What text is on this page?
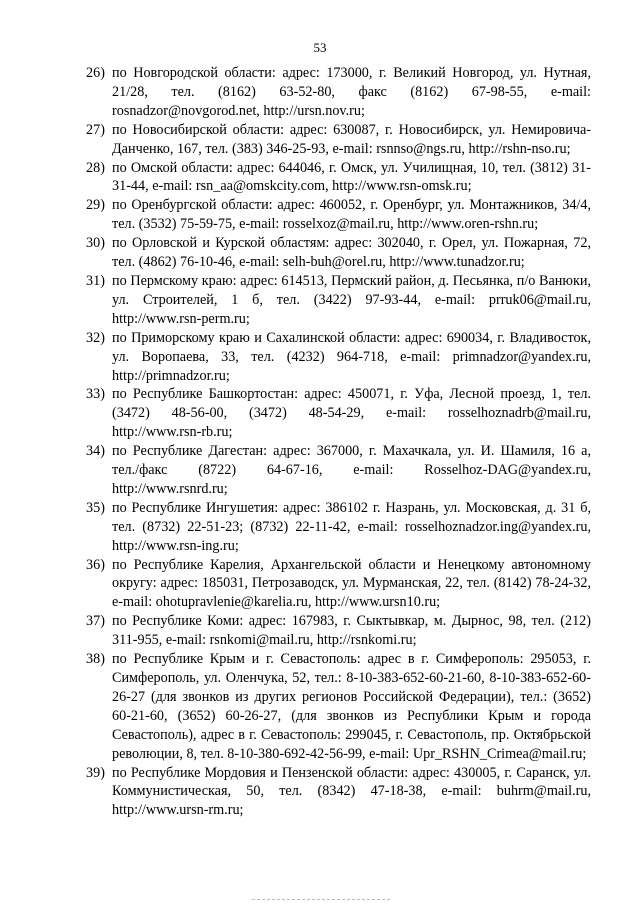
53
26) по Новгородской области: адрес: 173000, г. Великий Новгород, ул. Нутная, 21/28, тел. (8162) 63-52-80, факс (8162) 67-98-55, e-mail: rosnadzor@novgorod.net, http://ursn.nov.ru;
27) по Новосибирской области: адрес: 630087, г. Новосибирск, ул. Немировича-Данченко, 167, тел. (383) 346-25-93, e-mail: rsnnso@ngs.ru, http://rshn-nso.ru;
28) по Омской области: адрес: 644046, г. Омск, ул. Училищная, 10, тел. (3812) 31-31-44, e-mail: rsn_aa@omskcity.com, http://www.rsn-omsk.ru;
29) по Оренбургской области: адрес: 460052, г. Оренбург, ул. Монтажников, 34/4, тел. (3532) 75-59-75, e-mail: rosselxoz@mail.ru, http://www.oren-rshn.ru;
30) по Орловской и Курской областям: адрес: 302040, г. Орел, ул. Пожарная, 72, тел. (4862) 76-10-46, e-mail: selh-buh@orel.ru, http://www.tunadzor.ru;
31) по Пермскому краю: адрес: 614513, Пермский район, д. Песьянка, п/о Ванюки, ул. Строителей, 1 б, тел. (3422) 97-93-44, e-mail: prruk06@mail.ru, http://www.rsn-perm.ru;
32) по Приморскому краю и Сахалинской области: адрес: 690034, г. Владивосток, ул. Воропаева, 33, тел. (4232) 964-718, e-mail: primnadzor@yandex.ru, http://primnadzor.ru;
33) по Республике Башкортостан: адрес: 450071, г. Уфа, Лесной проезд, 1, тел. (3472) 48-56-00, (3472) 48-54-29, e-mail: rosselhoznadrb@mail.ru, http://www.rsn-rb.ru;
34) по Республике Дагестан: адрес: 367000, г. Махачкала, ул. И. Шамиля, 16 а, тел./факс (8722) 64-67-16, e-mail: Rosselhoz-DAG@yandex.ru, http://www.rsnrd.ru;
35) по Республике Ингушетия: адрес: 386102 г. Назрань, ул. Московская, д. 31 б, тел. (8732) 22-51-23; (8732) 22-11-42, e-mail: rosselhoznadzor.ing@yandex.ru, http://www.rsn-ing.ru;
36) по Республике Карелия, Архангельской области и Ненецкому автономному округу: адрес: 185031, Петрозаводск, ул. Мурманская, 22, тел. (8142) 78-24-32, e-mail: ohotupravlenie@karelia.ru, http://www.ursn10.ru;
37) по Республике Коми: адрес: 167983, г. Сыктывкар, м. Дырнос, 98, тел. (212) 311-955, e-mail: rsnkomi@mail.ru, http://rsnkomi.ru;
38) по Республике Крым и г. Севастополь: адрес в г. Симферополь: 295053, г. Симферополь, ул. Оленчука, 52, тел.: 8-10-383-652-60-21-60, 8-10-383-652-60-26-27 (для звонков из других регионов Российской Федерации), тел.: (3652) 60-21-60, (3652) 60-26-27, (для звонков из Республики Крым и города Севастополь), адрес в г. Севастополь: 299045, г. Севастополь, пр. Октябрьской революции, 8, тел. 8-10-380-692-42-56-99, e-mail: Upr_RSHN_Crimea@mail.ru;
39) по Республике Мордовия и Пензенской области: адрес: 430005, г. Саранск, ул. Коммунистическая, 50, тел. (8342) 47-18-38, e-mail: buhrm@mail.ru, http://www.ursn-rm.ru;
